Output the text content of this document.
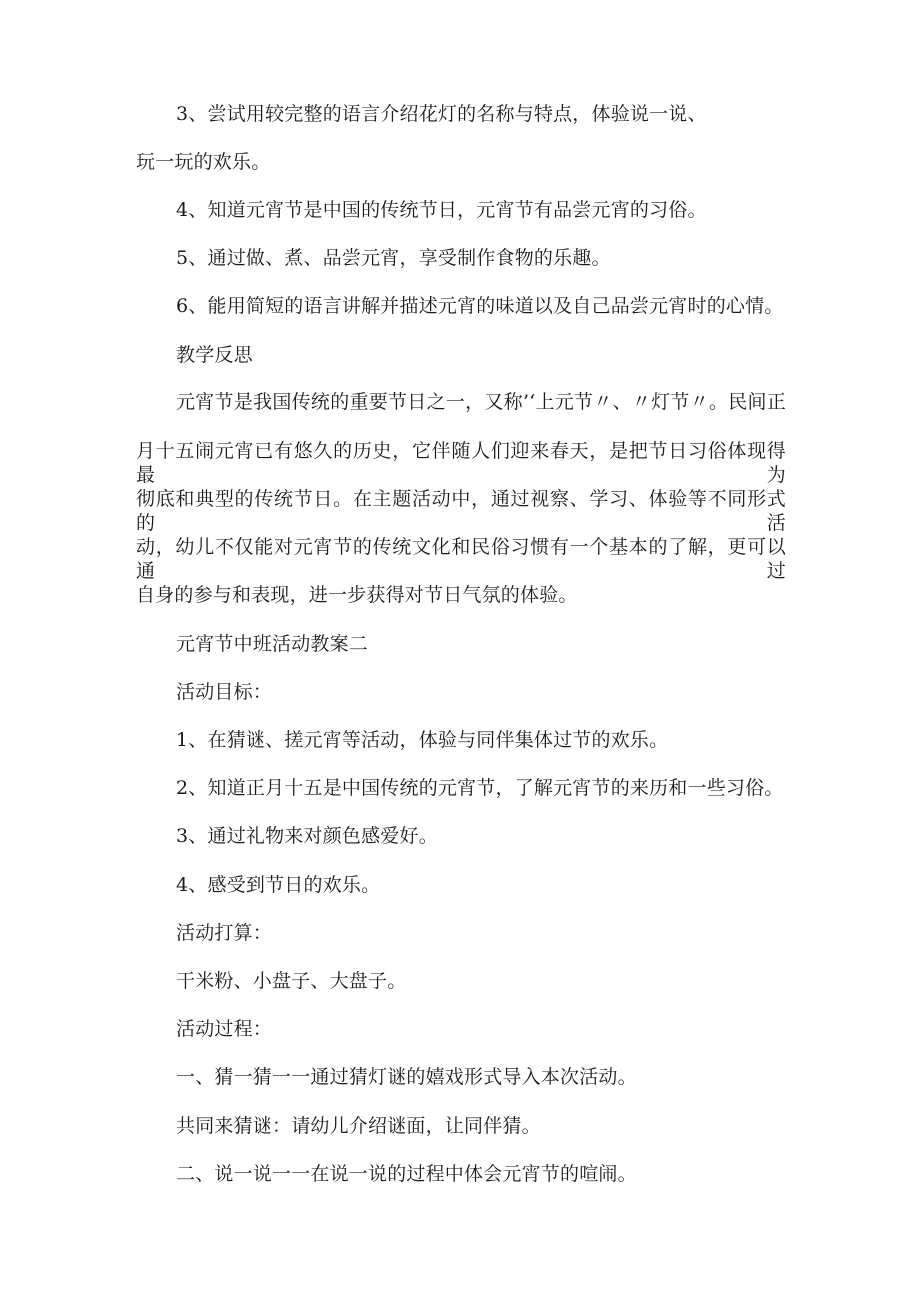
3、尝试用较完整的语言介绍花灯的名称与特点，体验说一说、
玩一玩的欢乐。
4、知道元宵节是中国的传统节日，元宵节有品尝元宵的习俗。
5、通过做、煮、品尝元宵，享受制作食物的乐趣。
6、能用简短的语言讲解并描述元宵的味道以及自己品尝元宵时的心情。
教学反思
元宵节是我国传统的重要节日之一，又称’‘上元节〃、〃灯节〃。民间正
月十五闹元宵已有悠久的历史，它伴随人们迎来春天，是把节日习俗体现得最为
彻底和典型的传统节日。在主题活动中，通过视察、学习、体验等不同形式的活
动，幼儿不仅能对元宵节的传统文化和民俗习惯有一个基本的了解，更可以通过
自身的参与和表现，进一步获得对节日气氛的体验。
元宵节中班活动教案二
活动目标：
1、在猜谜、搓元宵等活动，体验与同伴集体过节的欢乐。
2、知道正月十五是中国传统的元宵节，了解元宵节的来历和一些习俗。
3、通过礼物来对颜色感爱好。
4、感受到节日的欢乐。
活动打算：
干米粉、小盘子、大盘子。
活动过程：
一、猜一猜一一通过猜灯谜的嬉戏形式导入本次活动。
共同来猜谜：请幼儿介绍谜面，让同伴猜。
二、说一说一一在说一说的过程中体会元宵节的喧闹。
